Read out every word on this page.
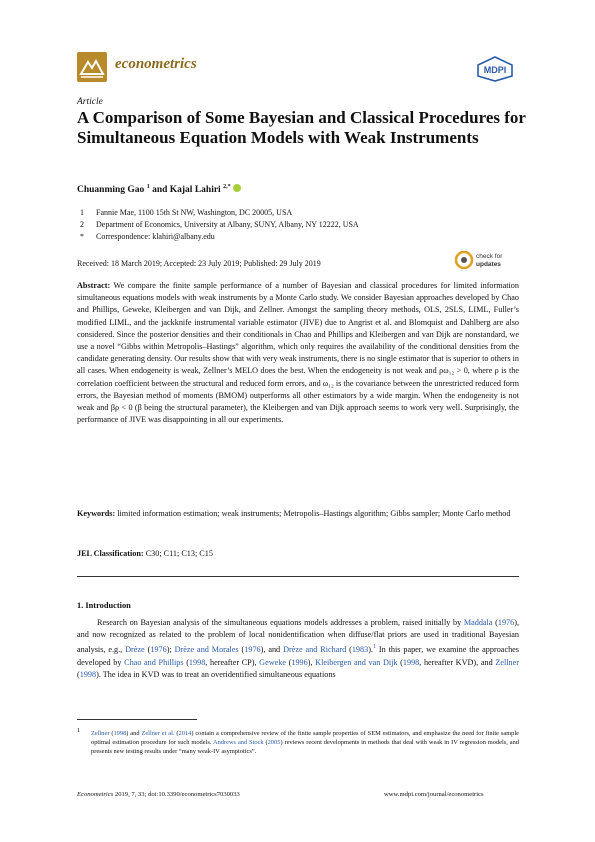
econometrics	MDPI
Article
A Comparison of Some Bayesian and Classical Procedures for Simultaneous Equation Models with Weak Instruments
Chuanming Gao $^1$ and Kajal Lahiri $^{2,*}$
1 Fannie Mae, 1100 15th St NW, Washington, DC 20005, USA
2 Department of Economics, University at Albany, SUNY, Albany, NY 12222, USA
* Correspondence: klahiri@albany.edu
Received: 18 March 2019; Accepted: 23 July 2019; Published: 29 July 2019
check for
updates
Abstract: We compare the finite sample performance of a number of Bayesian and classical procedures for limited information simultaneous equations models with weak instruments by a Monte Carlo study. We consider Bayesian approaches developed by Chao and Phillips, Geweke, Kleibergen and van Dijk, and Zellner. Amongst the sampling theory methods, OLS, 2SLS, LIML, Fuller’s modified LIML, and the jackknife instrumental variable estimator (JIVE) due to Angrist et al. and Blomquist and Dahlberg are also considered. Since the posterior densities and their conditionals in Chao and Phillips and Kleibergen and van Dijk are nonstandard, we use a novel “Gibbs within Metropolis–Hastings” algorithm, which only requires the availability of the conditional densities from the candidate generating density. Our results show that with very weak instruments, there is no single estimator that is superior to others in all cases. When endogeneity is weak, Zellner’s MELO does the best. When the endogeneity is not weak and ρω₁₂ > 0, where ρ is the correlation coefficient between the structural and reduced form errors, and ω₁₂ is the covariance between the unrestricted reduced form errors, the Bayesian method of moments (BMOM) outperforms all other estimators by a wide margin. When the endogeneity is not weak and βρ < 0 (β being the structural parameter), the Kleibergen and van Dijk approach seems to work very well. Surprisingly, the performance of JIVE was disappointing in all our experiments.
Keywords: limited information estimation; weak instruments; Metropolis–Hastings algorithm; Gibbs sampler; Monte Carlo method
JEL Classification: C30; C11; C13; C15
1. Introduction
Research on Bayesian analysis of the simultaneous equations models addresses a problem, raised initially by Maddala (1976), and now recognized as related to the problem of local nonidentification when diffuse/flat priors are used in traditional Bayesian analysis, e.g., Drèze (1976); Drèze and Morales (1976), and Drèze and Richard (1983).$^1$ In this paper, we examine the approaches developed by Chao and Phillips (1998, hereafter CP), Geweke (1996), Kleibergen and van Dijk (1998, hereafter KVD), and Zellner (1998). The idea in KVD was to treat an overidentified simultaneous equations
1 Zellner (1998) and Zellner et al. (2014) contain a comprehensive review of the finite sample properties of SEM estimators, and emphasize the need for finite sample optimal estimation procedure for such models. Andrews and Stock (2005) reviews recent developments in methods that deal with weak in IV regression models, and presents new testing results under “many weak-IV asymptotics”.
Econometrics 2019, 7, 33; doi:10.3390/econometrics7030033	www.mdpi.com/journal/econometrics
